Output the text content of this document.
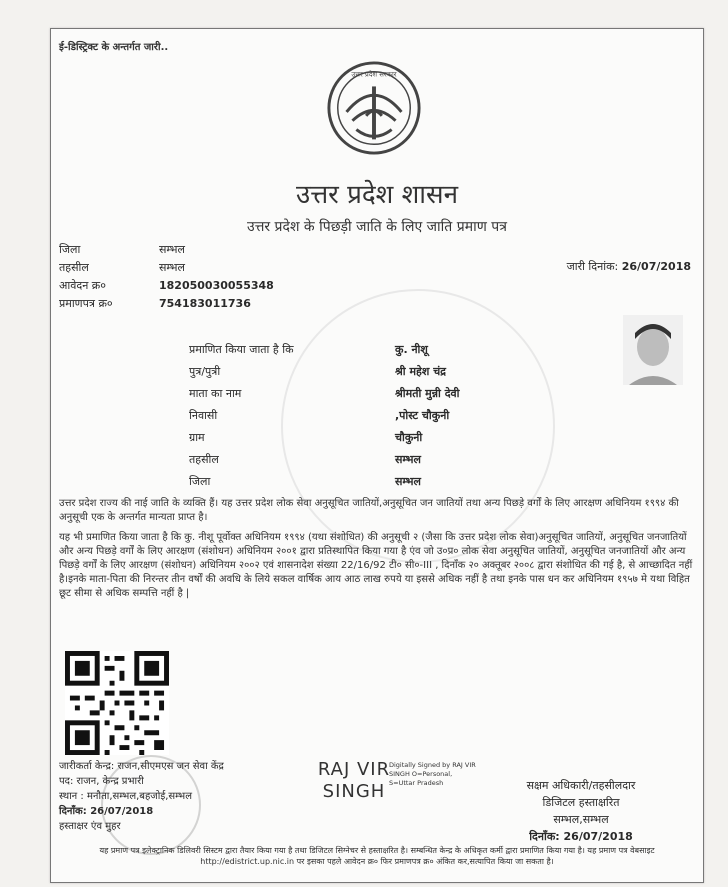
ई-डिस्ट्रिक्ट के अन्तर्गत जारी..
उत्तर प्रदेश सरकार
उत्तर प्रदेश शासन
उत्तर प्रदेश के पिछड़ी जाति के लिए जाति प्रमाण पत्र
जिला	सम्भल
तहसील	सम्भल
आवेदन क्र०	182050030055348
प्रमाणपत्र क्र०	754183011736
जारी दिनांक: 26/07/2018
प्रमाणित किया जाता है कि	कु. नीशू
पुत्र/पुत्री	श्री महेश चंद्र
माता का नाम	श्रीमती मुन्नी देवी
निवासी	,पोस्ट चौकुनी
ग्राम	चौकुनी
तहसील	सम्भल
जिला	सम्भल
उत्तर प्रदेश राज्य की नाई जाति के व्यक्ति हैं। यह उत्तर प्रदेश लोक सेवा अनुसूचित जातियों,अनुसूचित जन जातियों तथा अन्य पिछड़े वर्गों के लिए आरक्षण अधिनियम १९९४ की अनुसूची एक के अन्तर्गत मान्यता प्राप्त है।
यह भी प्रमाणित किया जाता है कि कु. नीशू पूर्वोक्त अधिनियम १९९४ (यथा संशोधित) की अनुसूची २ (जैसा कि उत्तर प्रदेश लोक सेवा)अनुसूचित जातियों, अनुसूचित जनजातियों और अन्य पिछड़े वर्गों के लिए आरक्षण (संशोधन) अधिनियम २००१ द्वारा प्रतिस्थापित किया गया है एंव जो उ०प्र० लोक सेवा अनुसूचित जातियों, अनुसूचित जनजातियों और अन्य पिछड़े वर्गों के लिए आरक्षण (संशोधन) अधिनियम २००२ एवं शासनादेश संख्या 22/16/92 टी० सी०-III , दिनाँक २० अक्तूबर २००८ द्वारा संशोधित की गई है, से आच्छादित नहीं है।इनके माता-पिता की निरन्तर तीन वर्षों की अवधि के लिये सकल वार्षिक आय आठ लाख रुपये या इससे अधिक नहीं है तथा इनके पास धन कर अधिनियम १९५७ मे यथा विहित छूट सीमा से अधिक सम्पत्ति नहीं है |
जारीकर्ता केन्द्र: राजन,सीएमएस जन सेवा केंद्र
पद: राजन, केन्द्र प्रभारी
स्थान : मनौता,सम्भल,बहजोई,सम्भल
दिनाँक: 26/07/2018
हस्ताक्षर एंव मुहर
RAJ VIR SINGH
Digitally Signed by RAJ VIR SINGH O=Personal, S=Uttar Pradesh	सक्षम अधिकारी/तहसीलदार
डिजिटल हस्ताक्षरित
सम्भल,सम्भल
दिनाँक: 26/07/2018
यह प्रमाण पत्र इलेक्ट्रानिक डिलिवरी सिस्टम द्वारा तैयार किया गया है तथा डिजिटल सिग्नेचर से हस्ताक्षरित है। सम्बन्धित केन्द्र के अधिकृत कर्मी द्वारा प्रमाणित किया गया है। यह प्रमाण पत्र वेबसाइट http://edistrict.up.nic.in पर इसका पहले आवेदन क्र० फिर प्रमाणपत्र क्र० अंकित कर,सत्यापित किया जा सकता है।
